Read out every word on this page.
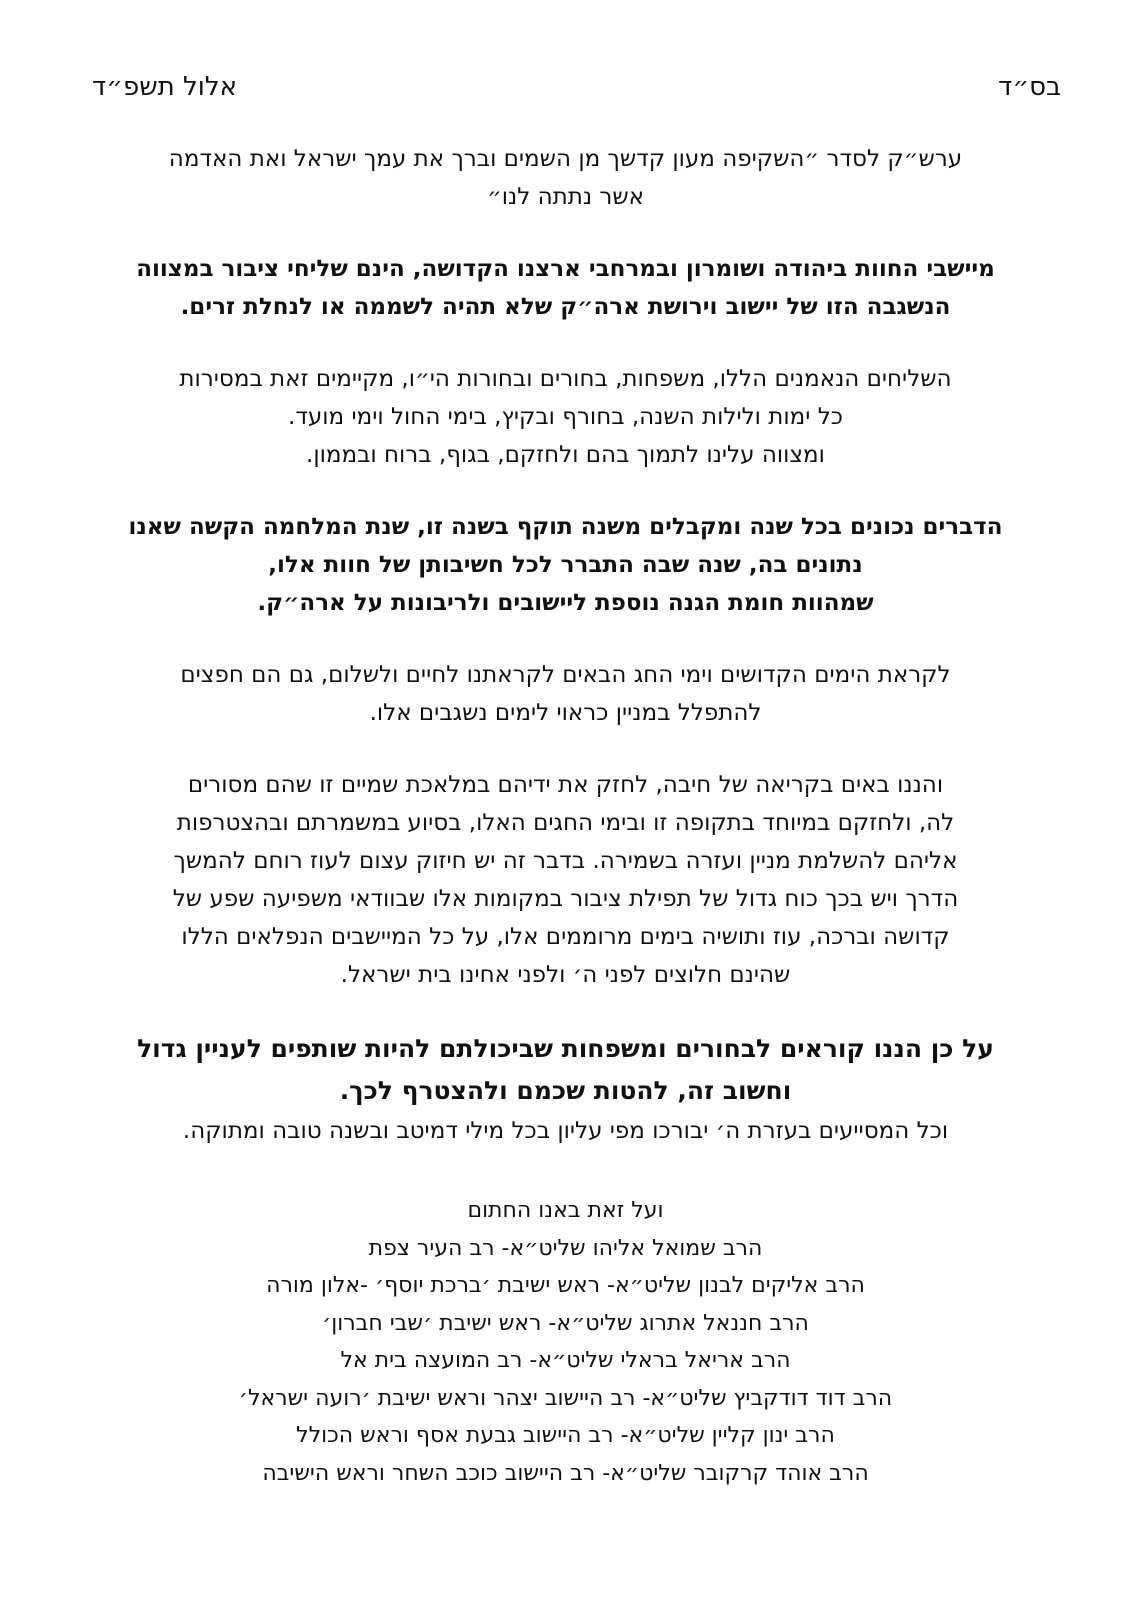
בס״ד
אלול תשפ״ד

ערש״ק לסדר ״השקיפה מעון קדשך מן השמים וברך את עמך ישראל ואת האדמה
אשר נתתה לנו״

מיישבי החוות ביהודה ושומרון ובמרחבי ארצנו הקדושה, הינם שליחי ציבור במצווה
הנשגבה הזו של יישוב וירושת ארה״ק שלא תהיה לשממה או לנחלת זרים.

השליחים הנאמנים הללו, משפחות, בחורים ובחורות הי״ו, מקיימים זאת במסירות
כל ימות ולילות השנה, בחורף ובקיץ, בימי החול וימי מועד.
ומצווה עלינו לתמוך בהם ולחזקם, בגוף, ברוח ובממון.

הדברים נכונים בכל שנה ומקבלים משנה תוקף בשנה זו, שנת המלחמה הקשה שאנו
נתונים בה, שנה שבה התברר לכל חשיבותן של חוות אלו,
שמהוות חומת הגנה נוספת ליישובים ולריבונות על ארה״ק.

לקראת הימים הקדושים וימי החג הבאים לקראתנו לחיים ולשלום, גם הם חפצים
להתפלל במניין כראוי לימים נשגבים אלו.

והננו באים בקריאה של חיבה, לחזק את ידיהם במלאכת שמיים זו שהם מסורים
לה, ולחזקם במיוחד בתקופה זו ובימי החגים האלו, בסיוע במשמרתם ובהצטרפות
אליהם להשלמת מניין ועזרה בשמירה. בדבר זה יש חיזוק עצום לעוז רוחם להמשך
הדרך ויש בכך כוח גדול של תפילת ציבור במקומות אלו שבוודאי משפיעה שפע של
קדושה וברכה, עוז ותושיה בימים מרוממים אלו, על כל המיישבים הנפלאים הללו
שהינם חלוצים לפני ה׳ ולפני אחינו בית ישראל.

על כן הננו קוראים לבחורים ומשפחות שביכולתם להיות שותפים לעניין גדול
וחשוב זה, להטות שכמם ולהצטרף לכך.
וכל המסייעים בעזרת ה׳ יבורכו מפי עליון בכל מילי דמיטב ובשנה טובה ומתוקה.

ועל זאת באנו החתום
הרב שמואל אליהו שליט״א- רב העיר צפת
הרב אליקים לבנון שליט״א- ראש ישיבת ׳ברכת יוסף׳ -אלון מורה
הרב חננאל אתרוג שליט״א- ראש ישיבת ׳שבי חברון׳
הרב אריאל בראלי שליט״א- רב המועצה בית אל
הרב דוד דודקביץ שליט״א- רב היישוב יצהר וראש ישיבת ׳רועה ישראל׳
הרב ינון קליין שליט״א- רב היישוב גבעת אסף וראש הכולל
הרב אוהד קרקובר שליט״א- רב היישוב כוכב השחר וראש הישיבה
